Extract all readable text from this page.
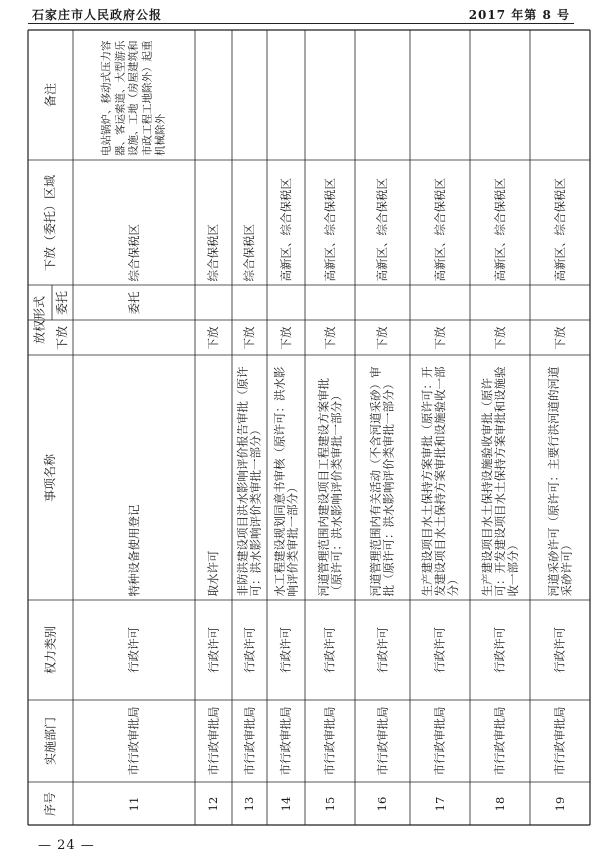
石家庄市人民政府公报	2017 年第 8 号
序号
实施部门
权力类别
事项名称
放权形式 委托
下放
下放（委托）区域
备注
11
市行政审批局
行政许可
特种设备使用登记
委托
综合保税区
电站锅炉、移动式压力容器、客运索道、大型游乐设施、工地（房屋建筑和市政工程工地除外）起重机械除外
12
市行政审批局
行政许可
取水许可
下放
综合保税区
13
市行政审批局
行政许可
非防洪建设项目洪水影响评价报告审批（原许可：洪水影响评价类审批一部分）
下放
综合保税区
14
市行政审批局
行政许可
水工程建设规划同意书审核（原许可：洪水影响评价类审批一部分）
下放
高新区、综合保税区
15
市行政审批局
行政许可
河道管理范围内建设项目工程建设方案审批（原许可：洪水影响评价类审批一部分）
下放
高新区、综合保税区
16
市行政审批局
行政许可
河道管理范围内有关活动（不含河道采砂）审批（原许可：洪水影响评价类审批一部分）
下放
高新区、综合保税区
17
市行政审批局
行政许可
生产建设项目水土保持方案审批（原许可：开发建设项目水土保持方案审批和设施验收一部分）
下放
高新区、综合保税区
18
市行政审批局
行政许可
生产建设项目水土保持设施验收审批（原许可：开发建设项目水土保持方案审批和设施验收一部分）
下放
高新区、综合保税区
19
市行政审批局
行政许可
河道采砂许可（原许可：主要行洪河道的河道采砂许可）
下放
高新区、综合保税区
— 24 —
